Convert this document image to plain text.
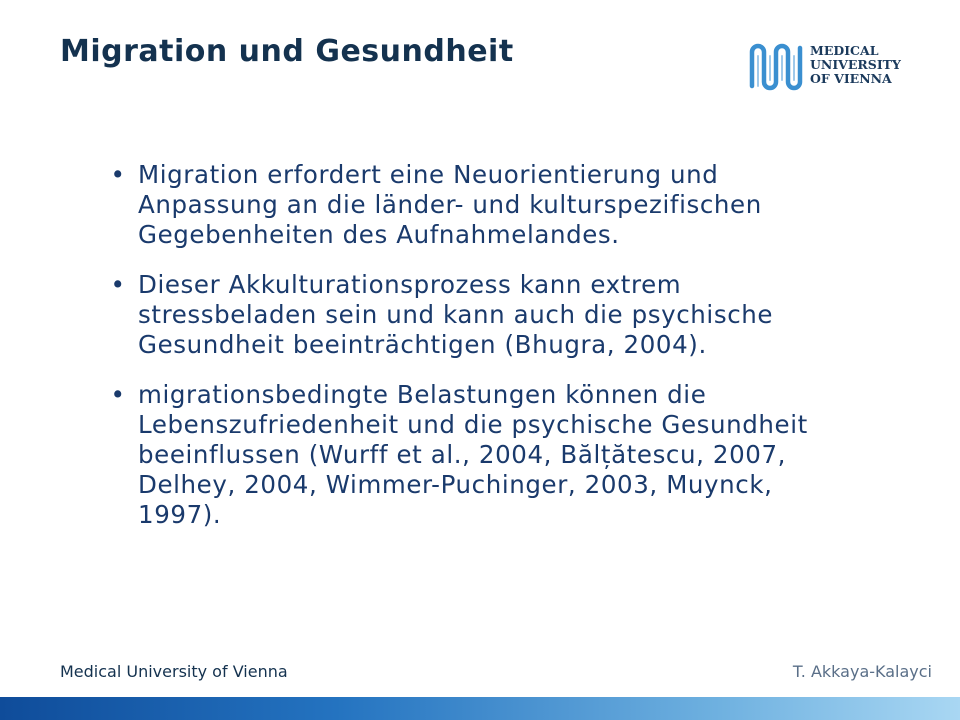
Migration und Gesundheit	MEDICAL
UNIVERSITY
OF VIENNA
• Migration erfordert eine Neuorientierung und Anpassung an die länder- und kulturspezifischen Gegebenheiten des Aufnahmelandes.
• Dieser Akkulturationsprozess kann extrem stressbeladen sein und kann auch die psychische Gesundheit beeinträchtigen (Bhugra, 2004).
• migrationsbedingte Belastungen können die Lebenszufriedenheit und die psychische Gesundheit beeinflussen (Wurff et al., 2004, Bălțătescu, 2007, Delhey, 2004, Wimmer-Puchinger, 2003, Muynck, 1997).
Medical University of Vienna	T. Akkaya-Kalayci
